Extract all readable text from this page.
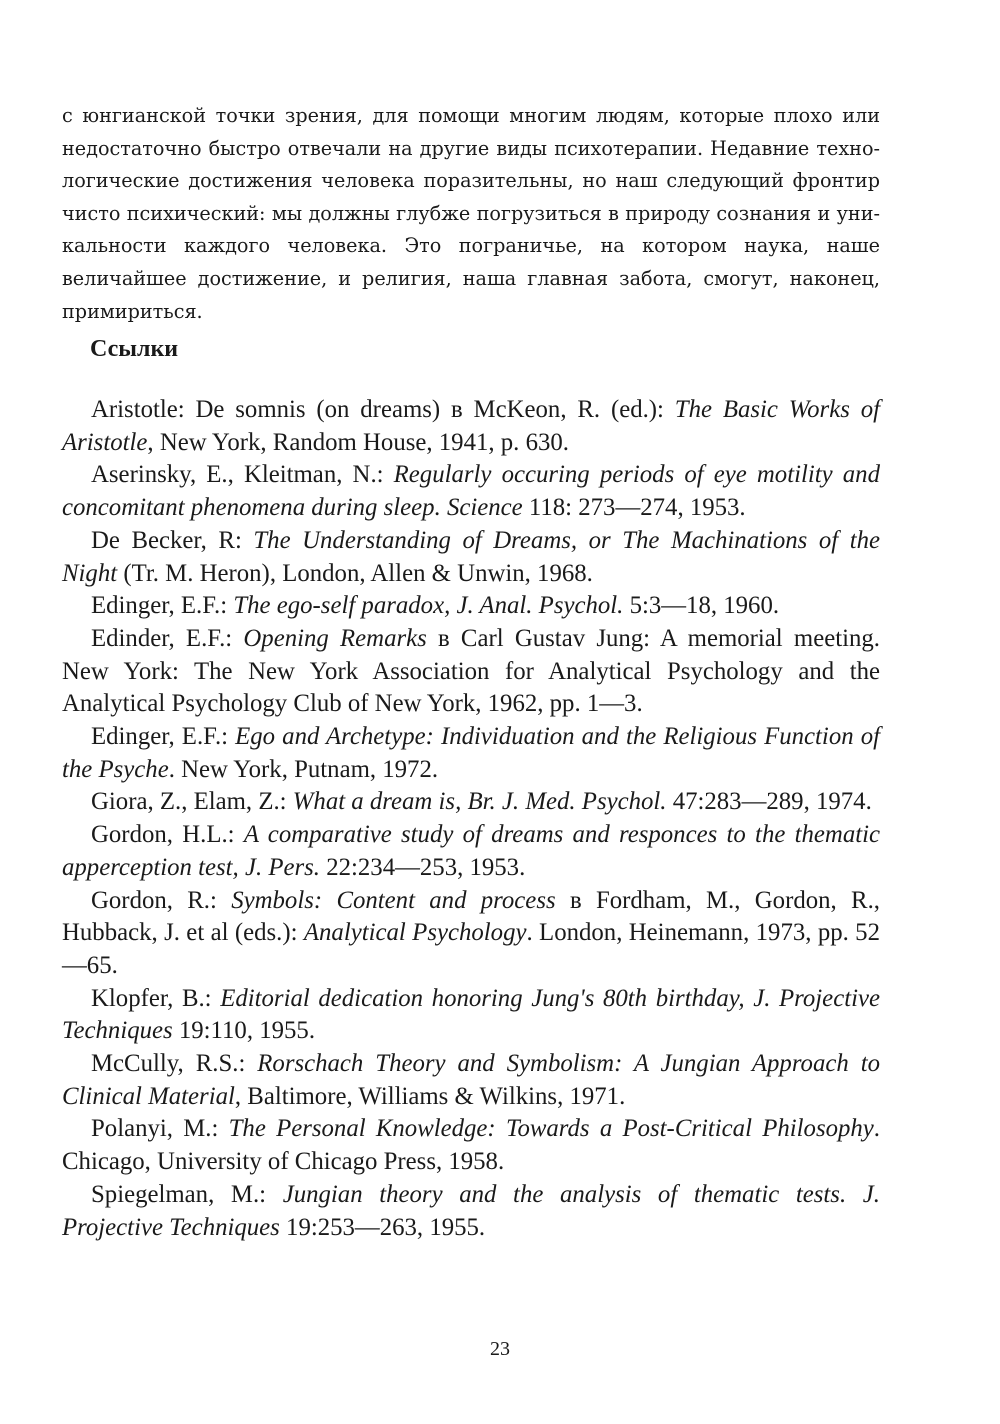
с юнгианской точки зрения, для помощи многим людям, которые плохо или недостаточно быстро отвечали на другие виды психотерапии. Недавние технологические достижения человека поразительны, но наш следующий фронтир чисто психический: мы должны глубже погрузиться в природу сознания и уникальности каждого человека. Это пограничье, на котором наука, наше величайшее достижение, и религия, наша главная забота, смогут, наконец, примириться.

Ссылки
Aristotle: De somnis (on dreams) в McKeon, R. (ed.): The Basic Works of Aristotle, New York, Random House, 1941, p. 630.
Aserinsky, E., Kleitman, N.: Regularly occuring periods of eye motility and concomitant phenomena during sleep. Science 118: 273—274, 1953.
De Becker, R: The Understanding of Dreams, or The Machinations of the Night (Tr. M. Heron), London, Allen & Unwin, 1968.
Edinger, E.F.: The ego-self paradox, J. Anal. Psychol. 5:3—18, 1960.
Edinder, E.F.: Opening Remarks в Carl Gustav Jung: A memorial meeting. New York: The New York Association for Analytical Psychology and the Analytical Psychology Club of New York, 1962, pp. 1—3.
Edinger, E.F.: Ego and Archetype: Individuation and the Religious Function of the Psyche. New York, Putnam, 1972.
Giora, Z., Elam, Z.: What a dream is, Br. J. Med. Psychol. 47:283—289, 1974.
Gordon, H.L.: A comparative study of dreams and responces to the thematic apperception test, J. Pers. 22:234—253, 1953.
Gordon, R.: Symbols: Content and process в Fordham, M., Gordon, R., Hubback, J. et al (eds.): Analytical Psychology. London, Heinemann, 1973, pp. 52—65.
Klopfer, B.: Editorial dedication honoring Jung's 80th birthday, J. Projective Techniques 19:110, 1955.
McCully, R.S.: Rorschach Theory and Symbolism: A Jungian Approach to Clinical Material, Baltimore, Williams & Wilkins, 1971.
Polanyi, M.: The Personal Knowledge: Towards a Post-Critical Philosophy. Chicago, University of Chicago Press, 1958.
Spiegelman, M.: Jungian theory and the analysis of thematic tests. J. Projective Techniques 19:253—263, 1955.

23
